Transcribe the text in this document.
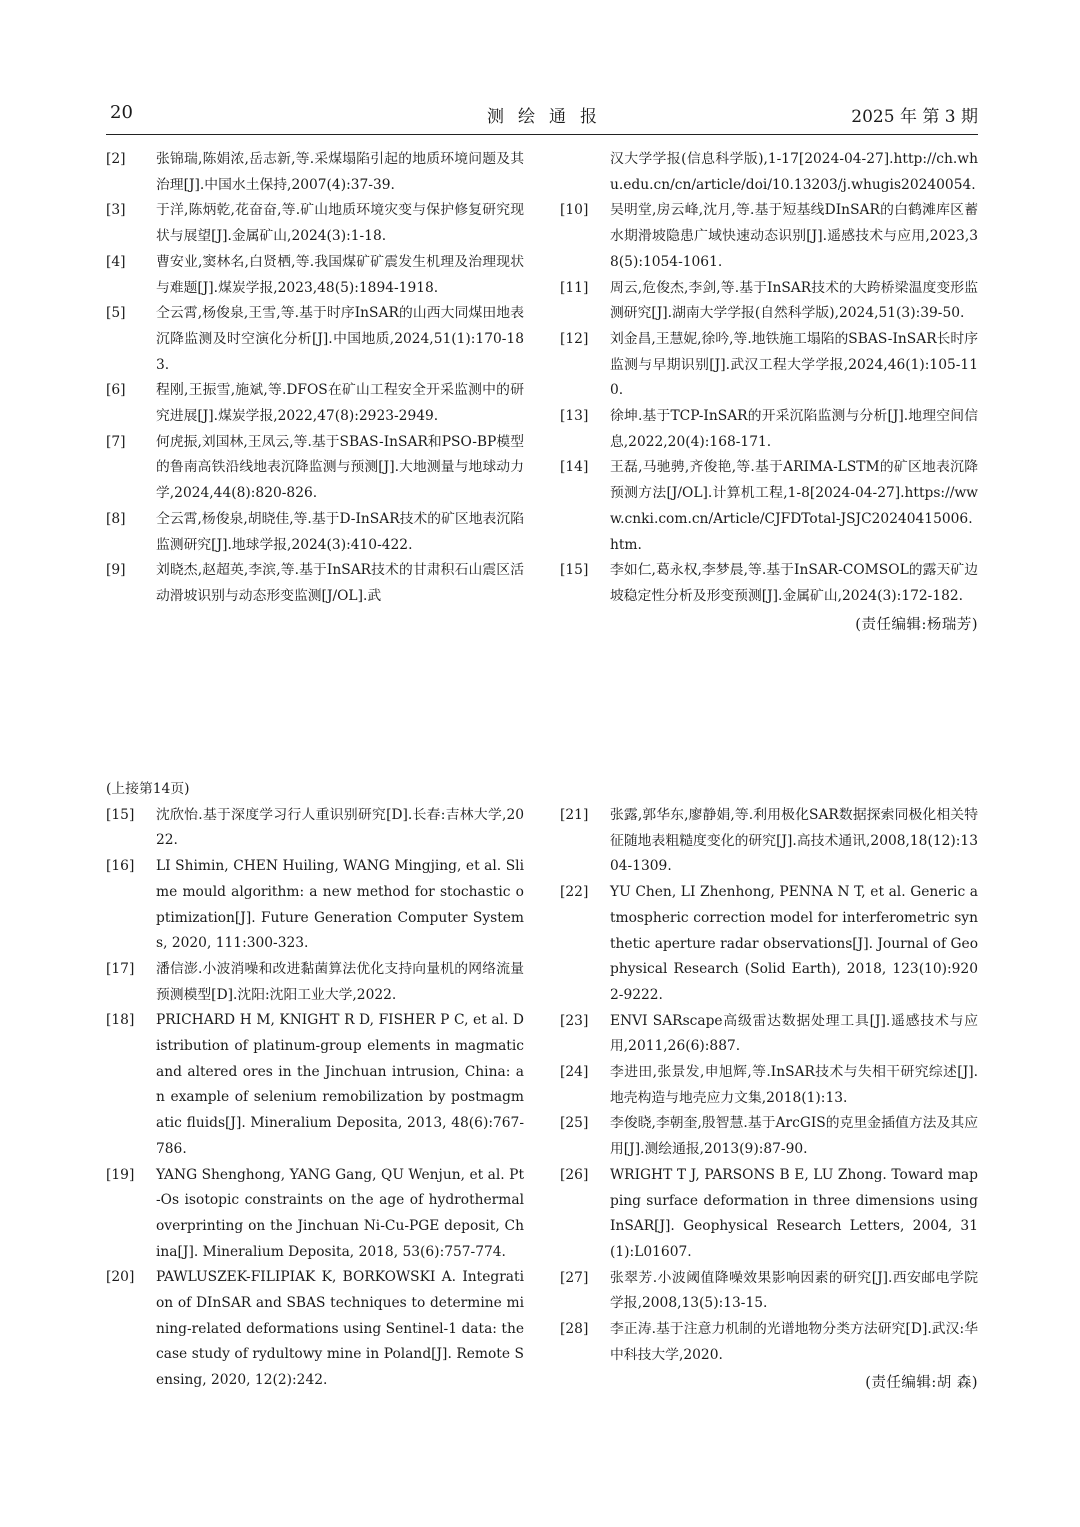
20	测绘通报	2025 年 第 3 期
[2]	张锦瑞,陈娟浓,岳志新,等.采煤塌陷引起的地质环境问题及其治理[J].中国水土保持,2007(4):37-39.
[3]	于洋,陈炳乾,花奋奋,等.矿山地质环境灾变与保护修复研究现状与展望[J].金属矿山,2024(3):1-18.
[4]	曹安业,窦林名,白贤栖,等.我国煤矿矿震发生机理及治理现状与难题[J].煤炭学报,2023,48(5):1894-1918.
[5]	仝云霄,杨俊泉,王雪,等.基于时序InSAR的山西大同煤田地表沉降监测及时空演化分析[J].中国地质,2024,51(1):170-183.
[6]	程刚,王振雪,施斌,等.DFOS在矿山工程安全开采监测中的研究进展[J].煤炭学报,2022,47(8):2923-2949.
[7]	何虎振,刘国林,王凤云,等.基于SBAS-InSAR和PSO-BP模型的鲁南高铁沿线地表沉降监测与预测[J].大地测量与地球动力学,2024,44(8):820-826.
[8]	仝云霄,杨俊泉,胡晓佳,等.基于D-InSAR技术的矿区地表沉陷监测研究[J].地球学报,2024(3):410-422.
[9]	刘晓杰,赵超英,李滨,等.基于InSAR技术的甘肃积石山震区活动滑坡识别与动态形变监测[J/OL].武
汉大学学报(信息科学版),1-17[2024-04-27].http://ch.whu.edu.cn/cn/article/doi/10.13203/j.whugis20240054.
[10]	吴明堂,房云峰,沈月,等.基于短基线DInSAR的白鹤滩库区蓄水期滑坡隐患广域快速动态识别[J].遥感技术与应用,2023,38(5):1054-1061.
[11]	周云,危俊杰,李剑,等.基于InSAR技术的大跨桥梁温度变形监测研究[J].湖南大学学报(自然科学版),2024,51(3):39-50.
[12]	刘金昌,王慧妮,徐吟,等.地铁施工塌陷的SBAS-InSAR长时序监测与早期识别[J].武汉工程大学学报,2024,46(1):105-110.
[13]	徐坤.基于TCP-InSAR的开采沉陷监测与分析[J].地理空间信息,2022,20(4):168-171.
[14]	王磊,马驰骋,齐俊艳,等.基于ARIMA-LSTM的矿区地表沉降预测方法[J/OL].计算机工程,1-8[2024-04-27].https://www.cnki.com.cn/Article/CJFDTotal-JSJC20240415006.htm.
[15]	李如仁,葛永权,李梦晨,等.基于InSAR-COMSOL的露天矿边坡稳定性分析及形变预测[J].金属矿山,2024(3):172-182.
(责任编辑:杨瑞芳)
(上接第14页)
[15]	沈欣怡.基于深度学习行人重识别研究[D].长春:吉林大学,2022.
[16]	LI Shimin, CHEN Huiling, WANG Mingjing, et al. Slime mould algorithm: a new method for stochastic optimization[J]. Future Generation Computer Systems, 2020, 111:300-323.
[17]	潘信澎.小波消噪和改进黏菌算法优化支持向量机的网络流量预测模型[D].沈阳:沈阳工业大学,2022.
[18]	PRICHARD H M, KNIGHT R D, FISHER P C, et al. Distribution of platinum-group elements in magmatic and altered ores in the Jinchuan intrusion, China: an example of selenium remobilization by postmagmatic fluids[J]. Mineralium Deposita, 2013, 48(6):767-786.
[19]	YANG Shenghong, YANG Gang, QU Wenjun, et al. Pt-Os isotopic constraints on the age of hydrothermal overprinting on the Jinchuan Ni-Cu-PGE deposit, China[J]. Mineralium Deposita, 2018, 53(6):757-774.
[20]	PAWLUSZEK-FILIPIAK K, BORKOWSKI A. Integration of DInSAR and SBAS techniques to determine mining-related deformations using Sentinel-1 data: the case study of rydultowy mine in Poland[J]. Remote Sensing, 2020, 12(2):242.
[21]	张露,郭华东,廖静娟,等.利用极化SAR数据探索同极化相关特征随地表粗糙度变化的研究[J].高技术通讯,2008,18(12):1304-1309.
[22]	YU Chen, LI Zhenhong, PENNA N T, et al. Generic atmospheric correction model for interferometric synthetic aperture radar observations[J]. Journal of Geophysical Research (Solid Earth), 2018, 123(10):9202-9222.
[23]	ENVI SARscape高级雷达数据处理工具[J].遥感技术与应用,2011,26(6):887.
[24]	李进田,张景发,申旭辉,等.InSAR技术与失相干研究综述[J].地壳构造与地壳应力文集,2018(1):13.
[25]	李俊晓,李朝奎,殷智慧.基于ArcGIS的克里金插值方法及其应用[J].测绘通报,2013(9):87-90.
[26]	WRIGHT T J, PARSONS B E, LU Zhong. Toward mapping surface deformation in three dimensions using InSAR[J]. Geophysical Research Letters, 2004, 31(1):L01607.
[27]	张翠芳.小波阈值降噪效果影响因素的研究[J].西安邮电学院学报,2008,13(5):13-15.
[28]	李正涛.基于注意力机制的光谱地物分类方法研究[D].武汉:华中科技大学,2020.
(责任编辑:胡 森)
